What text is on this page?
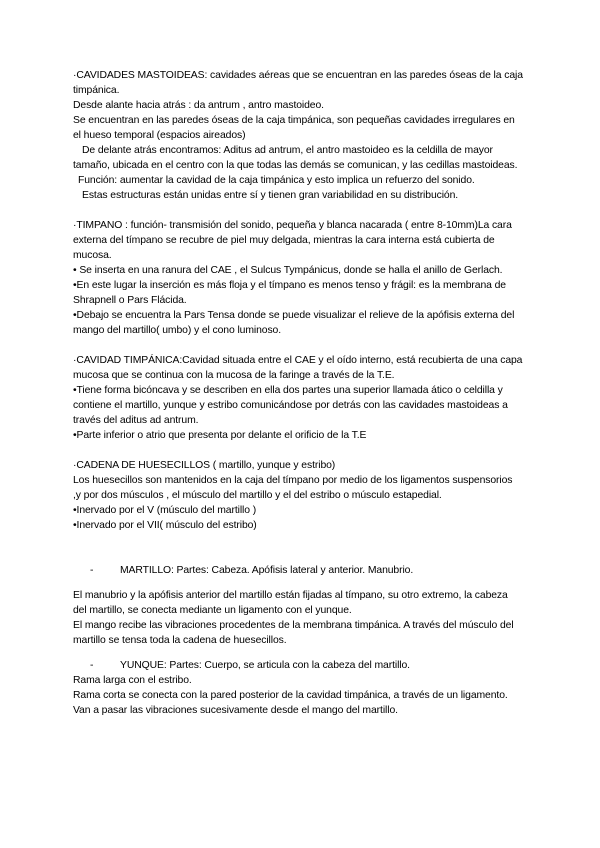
·CAVIDADES MASTOIDEAS: cavidades aéreas que se encuentran en las paredes óseas de la caja timpánica.

Desde alante hacia atrás : da antrum , antro mastoideo.

Se encuentran en las paredes óseas de la caja timpánica, son pequeñas cavidades irregulares en el hueso temporal (espacios aireados)

De delante atrás encontramos: Aditus ad antrum, el antro mastoideo es la celdilla de mayor tamaño, ubicada en el centro con la que todas las demás se comunican, y las cedillas mastoideas.

Función: aumentar la cavidad de la caja timpánica y esto implica un refuerzo del sonido.

Estas estructuras están unidas entre sí y tienen gran variabilidad en su distribución.

·TIMPANO : función- transmisión del sonido, pequeña y blanca nacarada ( entre 8-10mm)La cara externa del tímpano se recubre de piel muy delgada, mientras la cara interna está cubierta de mucosa.

• Se inserta en una ranura del CAE , el Sulcus Tympánicus, donde se halla el anillo de Gerlach.

•En este lugar la inserción es más floja y el tímpano es menos tenso y frágil: es la membrana de Shrapnell o Pars Flácida.

•Debajo se encuentra la Pars Tensa donde se puede visualizar el relieve de la apófisis externa del mango del martillo( umbo) y el cono luminoso.

·CAVIDAD TIMPÁNICA:Cavidad situada entre el CAE y el oído interno, está recubierta de una capa mucosa que se continua con la mucosa de la faringe a través de la T.E.

•Tiene forma bicóncava y se describen en ella dos partes una superior llamada ático o celdilla y contiene el martillo, yunque y estribo comunicándose por detrás con las cavidades mastoideas a través del aditus ad antrum.

•Parte inferior o atrio que presenta por delante el orificio de la T.E

·CADENA DE HUESECILLOS ( martillo, yunque y estribo)

Los huesecillos son mantenidos en la caja del tímpano por medio de los ligamentos suspensorios ,y por dos músculos , el músculo del martillo y el del estribo o músculo estapedial.

•Inervado por el V (músculo del martillo )

•Inervado por el VII( músculo del estribo)

-	MARTILLO: Partes: Cabeza. Apófisis lateral y anterior. Manubrio.

El manubrio y la apófisis anterior del martillo están fijadas al tímpano, su otro extremo, la cabeza del martillo, se conecta mediante un ligamento con el yunque.

El mango recibe las vibraciones procedentes de la membrana timpánica. A través del músculo del martillo se tensa toda la cadena de huesecillos.

-	YUNQUE: Partes: Cuerpo, se articula con la cabeza del martillo.

Rama larga con el estribo.

Rama corta se conecta con la pared posterior de la cavidad timpánica, a través de un ligamento. Van a pasar las vibraciones sucesivamente desde el mango del martillo.
